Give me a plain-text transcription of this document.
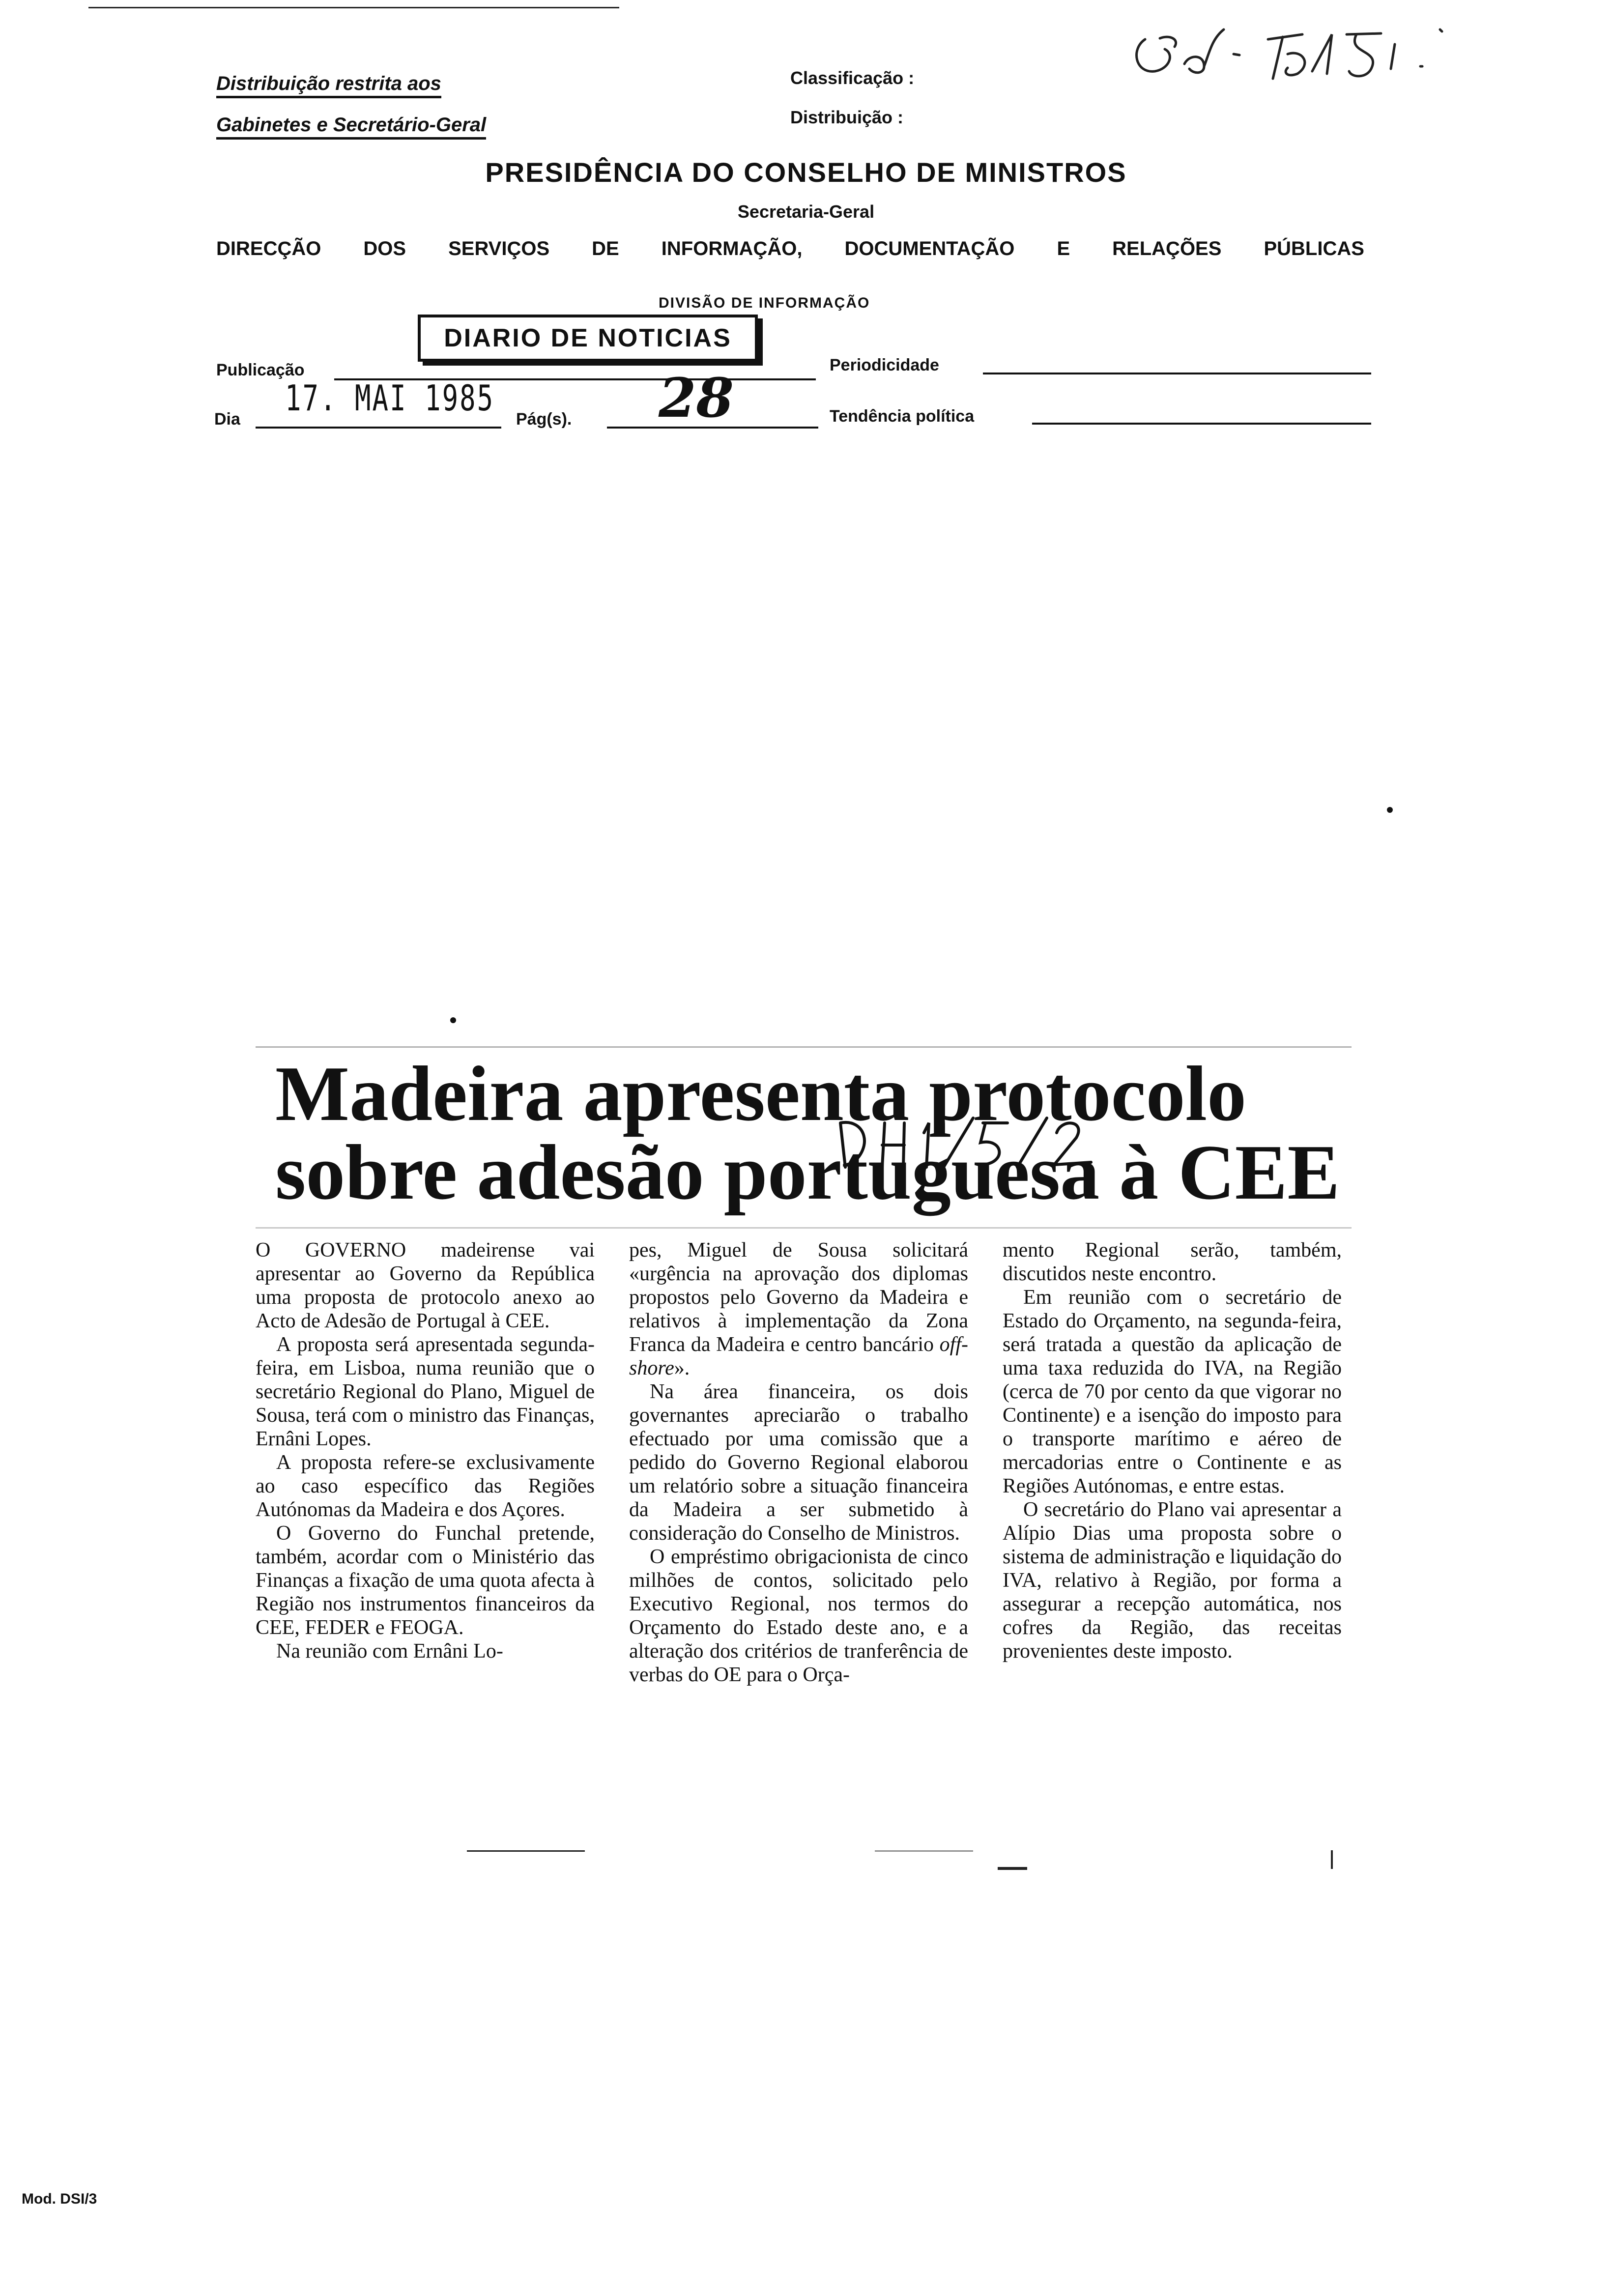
Distribuição restrita aos
Gabinetes e Secretário-Geral
Classificação :
Distribuição :
PRESIDÊNCIA DO CONSELHO DE MINISTROS
Secretaria-Geral
DIRECÇÃO DOS SERVIÇOS DE INFORMAÇÃO, DOCUMENTAÇÃO E RELAÇÕES PÚBLICAS
DIVISÃO DE INFORMAÇÃO
DIARIO DE NOTICIAS
Publicação	Periodicidade
Dia
17. MAI 1985
Pág(s). 28	Tendência política
Madeira apresenta protocolo
sobre adesão portuguesa à CEE

O GOVERNO madeirense vai apresentar ao Governo da República uma proposta de protocolo anexo ao Acto de Adesão de Portugal à CEE.

A proposta será apresentada segunda-feira, em Lisboa, numa reunião que o secretário Regional do Plano, Miguel de Sousa, terá com o ministro das Finanças, Ernâni Lopes.

A proposta refere-se exclusivamente ao caso específico das Regiões Autónomas da Madeira e dos Açores.

O Governo do Funchal pretende, também, acordar com o Ministério das Finanças a fixação de uma quota afecta à Região nos instrumentos financeiros da CEE, FEDER e FEOGA.

Na reunião com Ernâni Lo-

pes, Miguel de Sousa solicitará «urgência na aprovação dos diplomas propostos pelo Governo da Madeira e relativos à implementação da Zona Franca da Madeira e centro bancário off-shore».

Na área financeira, os dois governantes apreciarão o trabalho efectuado por uma comissão que a pedido do Governo Regional elaborou um relatório sobre a situação financeira da Madeira a ser submetido à consideração do Conselho de Ministros.

O empréstimo obrigacionista de cinco milhões de contos, solicitado pelo Executivo Regional, nos termos do Orçamento do Estado deste ano, e a alteração dos critérios de tranferência de verbas do OE para o Orça-

mento Regional serão, também, discutidos neste encontro.

Em reunião com o secretário de Estado do Orçamento, na segunda-feira, será tratada a questão da aplicação de uma taxa reduzida do IVA, na Região (cerca de 70 por cento da que vigorar no Continente) e a isenção do imposto para o transporte marítimo e aéreo de mercadorias entre o Continente e as Regiões Autónomas, e entre estas.

O secretário do Plano vai apresentar a Alípio Dias uma proposta sobre o sistema de administração e liquidação do IVA, relativo à Região, por forma a assegurar a recepção automática, nos cofres da Região, das receitas provenientes deste imposto.

Mod. DSI/3
